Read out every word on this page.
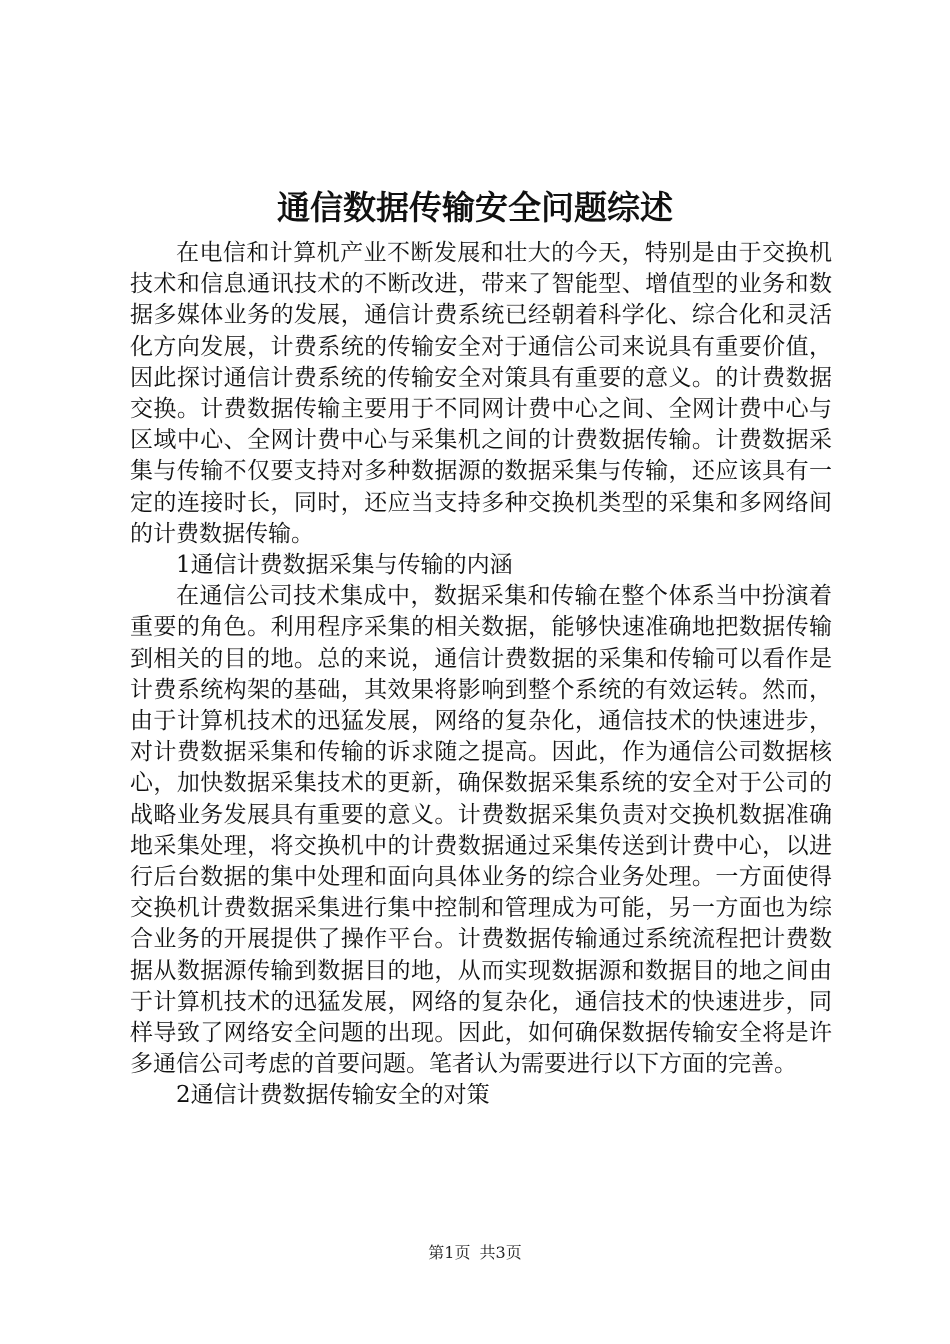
通信数据传输安全问题综述

在电信和计算机产业不断发展和壮大的今天，特别是由于交换机技术和信息通讯技术的不断改进，带来了智能型、增值型的业务和数据多媒体业务的发展，通信计费系统已经朝着科学化、综合化和灵活化方向发展，计费系统的传输安全对于通信公司来说具有重要价值，因此探讨通信计费系统的传输安全对策具有重要的意义。的计费数据交换。计费数据传输主要用于不同网计费中心之间、全网计费中心与区域中心、全网计费中心与采集机之间的计费数据传输。计费数据采集与传输不仅要支持对多种数据源的数据采集与传输，还应该具有一定的连接时长，同时，还应当支持多种交换机类型的采集和多网络间的计费数据传输。

1通信计费数据采集与传输的内涵

在通信公司技术集成中，数据采集和传输在整个体系当中扮演着重要的角色。利用程序采集的相关数据，能够快速准确地把数据传输到相关的目的地。总的来说，通信计费数据的采集和传输可以看作是计费系统构架的基础，其效果将影响到整个系统的有效运转。然而，由于计算机技术的迅猛发展，网络的复杂化，通信技术的快速进步，对计费数据采集和传输的诉求随之提高。因此，作为通信公司数据核心，加快数据采集技术的更新，确保数据采集系统的安全对于公司的战略业务发展具有重要的意义。计费数据采集负责对交换机数据准确地采集处理，将交换机中的计费数据通过采集传送到计费中心，以进行后台数据的集中处理和面向具体业务的综合业务处理。一方面使得交换机计费数据采集进行集中控制和管理成为可能，另一方面也为综合业务的开展提供了操作平台。计费数据传输通过系统流程把计费数据从数据源传输到数据目的地，从而实现数据源和数据目的地之间由于计算机技术的迅猛发展，网络的复杂化，通信技术的快速进步，同样导致了网络安全问题的出现。因此，如何确保数据传输安全将是许多通信公司考虑的首要问题。笔者认为需要进行以下方面的完善。

2通信计费数据传输安全的对策

第1页 共3页
